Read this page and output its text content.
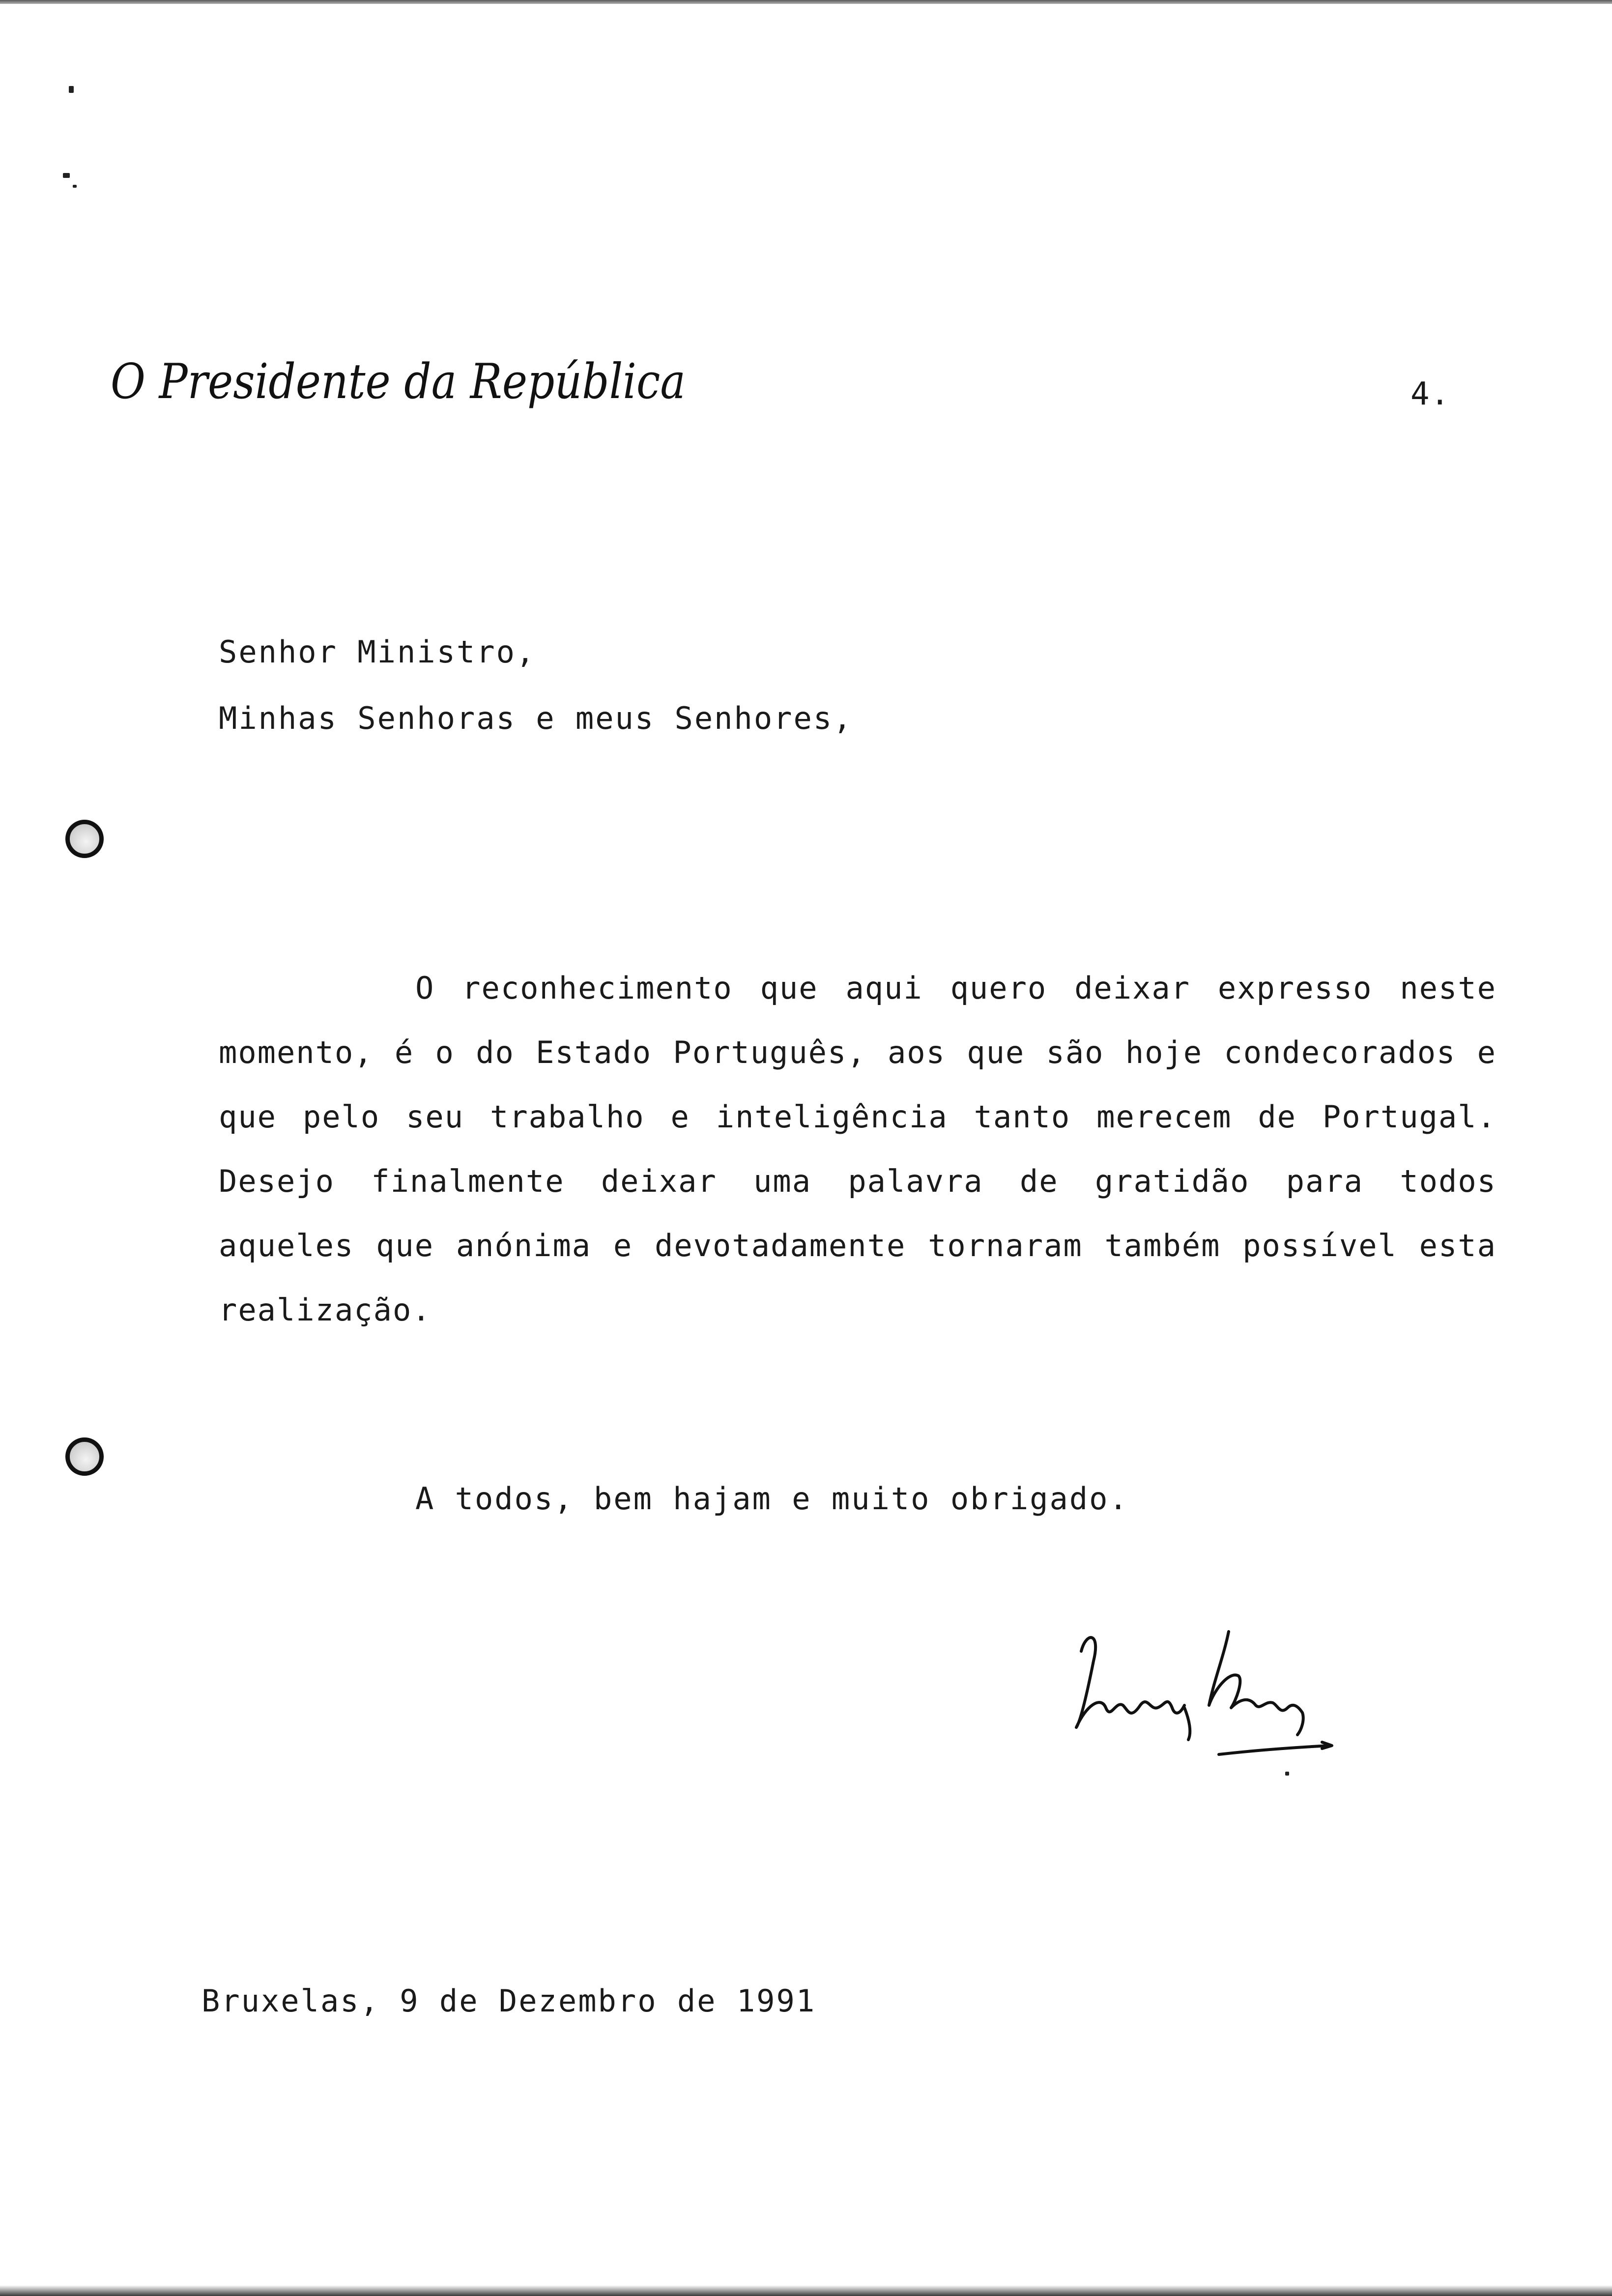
O Presidente da República	4.
Senhor Ministro,
Minhas Senhoras e meus Senhores,
O reconhecimento que aqui quero deixar expresso neste
momento, é o do Estado Português, aos que são hoje condecorados e
que pelo seu trabalho e inteligência tanto merecem de Portugal.
Desejo finalmente deixar uma palavra de gratidão para todos
aqueles que anónima e devotadamente tornaram também possível esta
realização.
A todos, bem hajam e muito obrigado.
Bruxelas, 9 de Dezembro de 1991
